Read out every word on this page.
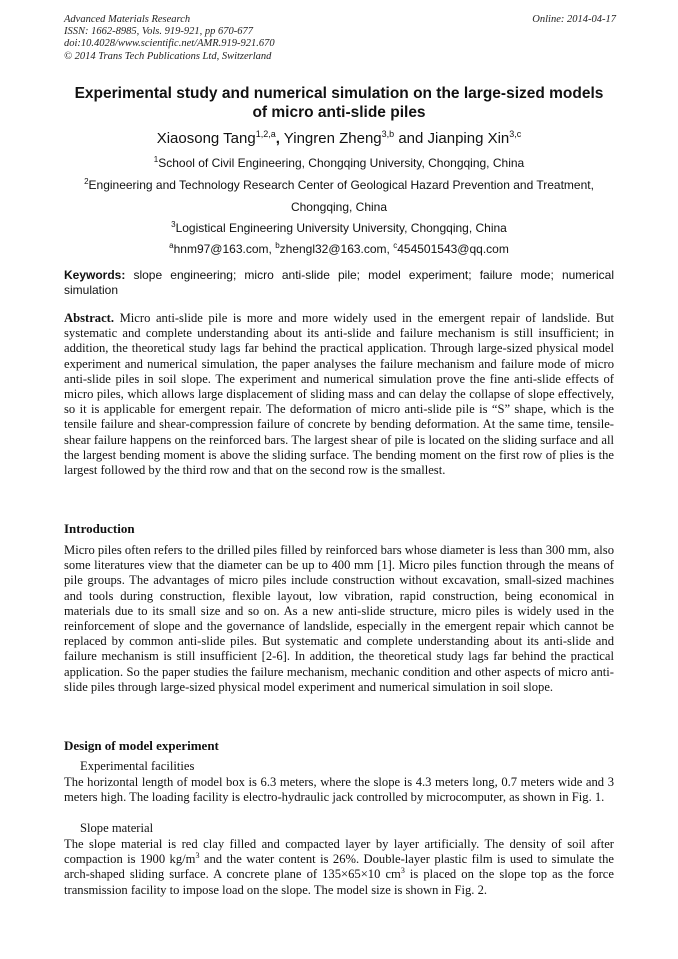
Advanced Materials Research
ISSN: 1662-8985, Vols. 919-921, pp 670-677
doi:10.4028/www.scientific.net/AMR.919-921.670
© 2014 Trans Tech Publications Ltd, Switzerland
Online: 2014-04-17
Experimental study and numerical simulation on the large-sized models
of micro anti-slide piles
Xiaosong Tang$^{1,2,a}$, Yingren Zheng$^{3,b}$ and Jianping Xin$^{3,c}$
$^1$School of Civil Engineering, Chongqing University, Chongqing, China
$^2$Engineering and Technology Research Center of Geological Hazard Prevention and Treatment,
Chongqing, China
$^3$Logistical Engineering University University, Chongqing, China
$^a$hnm97@163.com, $^b$zhengl32@163.com, $^c$454501543@qq.com
Keywords: slope engineering; micro anti-slide pile; model experiment; failure mode; numerical simulation
Abstract. Micro anti-slide pile is more and more widely used in the emergent repair of landslide. But systematic and complete understanding about its anti-slide and failure mechanism is still insufficient; in addition, the theoretical study lags far behind the practical application. Through large-sized physical model experiment and numerical simulation, the paper analyses the failure mechanism and failure mode of micro anti-slide piles in soil slope. The experiment and numerical simulation prove the fine anti-slide effects of micro piles, which allows large displacement of sliding mass and can delay the collapse of slope effectively, so it is applicable for emergent repair. The deformation of micro anti-slide pile is “S” shape, which is the tensile failure and shear-compression failure of concrete by bending deformation. At the same time, tensile-shear failure happens on the reinforced bars. The largest shear of pile is located on the sliding surface and all the largest bending moment is above the sliding surface. The bending moment on the first row of plies is the largest followed by the third row and that on the second row is the smallest.
Introduction
Micro piles often refers to the drilled piles filled by reinforced bars whose diameter is less than 300 mm, also some literatures view that the diameter can be up to 400 mm [1]. Micro piles function through the means of pile groups. The advantages of micro piles include construction without excavation, small-sized machines and tools during construction, flexible layout, low vibration, rapid construction, being economical in materials due to its small size and so on. As a new anti-slide structure, micro piles is widely used in the reinforcement of slope and the governance of landslide, especially in the emergent repair which cannot be replaced by common anti-slide piles. But systematic and complete understanding about its anti-slide and failure mechanism is still insufficient [2-6]. In addition, the theoretical study lags far behind the practical application. So the paper studies the failure mechanism, mechanic condition and other aspects of micro anti-slide piles through large-sized physical model experiment and numerical simulation in soil slope.
Design of model experiment
Experimental facilities
The horizontal length of model box is 6.3 meters, where the slope is 4.3 meters long, 0.7 meters wide and 3 meters high. The loading facility is electro-hydraulic jack controlled by microcomputer, as shown in Fig. 1.
Slope material
The slope material is red clay filled and compacted layer by layer artificially. The density of soil after compaction is 1900 $kg/m^3$ and the water content is 26%. Double-layer plastic film is used to simulate the arch-shaped sliding surface. A concrete plane of 135×65×10 $cm^3$ is placed on the slope top as the force transmission facility to impose load on the slope. The model size is shown in Fig. 2.
